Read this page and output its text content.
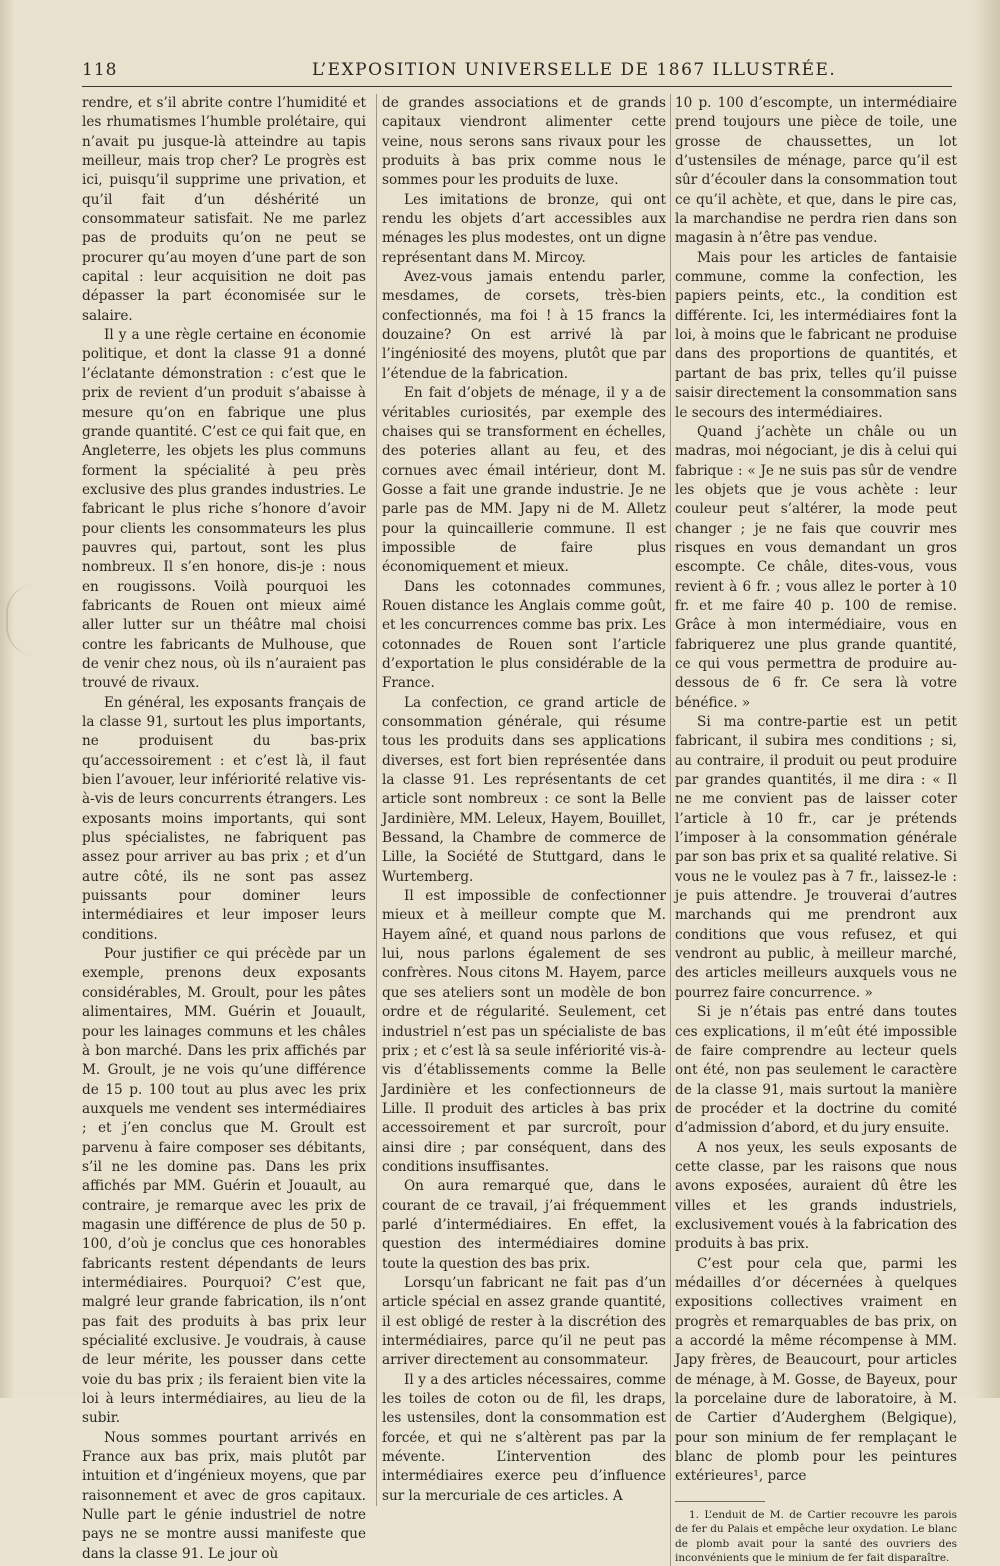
118	L’EXPOSITION UNIVERSELLE DE 1867 ILLUSTRÉE.

rendre, et s’il abrite contre l’humidité et les rhumatismes l’humble prolétaire, qui n’avait pu jusque-là atteindre au tapis meilleur, mais trop cher? Le progrès est ici, puisqu’il supprime une privation, et qu’il fait d’un déshérité un consommateur satisfait. Ne me parlez pas de produits qu’on ne peut se procurer qu’au moyen d’une part de son capital : leur acquisition ne doit pas dépasser la part économisée sur le salaire.

Il y a une règle certaine en économie politique, et dont la classe 91 a donné l’éclatante démonstration : c’est que le prix de revient d’un produit s’abaisse à mesure qu’on en fabrique une plus grande quantité. C’est ce qui fait que, en Angleterre, les objets les plus communs forment la spécialité à peu près exclusive des plus grandes industries. Le fabricant le plus riche s’honore d’avoir pour clients les consommateurs les plus pauvres qui, partout, sont les plus nombreux. Il s’en honore, dis-je : nous en rougissons. Voilà pourquoi les fabricants de Rouen ont mieux aimé aller lutter sur un théâtre mal choisi contre les fabricants de Mulhouse, que de venir chez nous, où ils n’auraient pas trouvé de rivaux.

En général, les exposants français de la classe 91, surtout les plus importants, ne produisent du bas-prix qu’accessoirement : et c’est là, il faut bien l’avouer, leur infériorité relative vis-à-vis de leurs concurrents étrangers. Les exposants moins importants, qui sont plus spécialistes, ne fabriquent pas assez pour arriver au bas prix ; et d’un autre côté, ils ne sont pas assez puissants pour dominer leurs intermédiaires et leur imposer leurs conditions.

Pour justifier ce qui précède par un exemple, prenons deux exposants considérables, M. Groult, pour les pâtes alimentaires, MM. Guérin et Jouault, pour les lainages communs et les châles à bon marché. Dans les prix affichés par M. Groult, je ne vois qu’une différence de 15 p. 100 tout au plus avec les prix auxquels me vendent ses intermédiaires ; et j’en conclus que M. Groult est parvenu à faire composer ses débitants, s’il ne les domine pas. Dans les prix affichés par MM. Guérin et Jouault, au contraire, je remarque avec les prix de magasin une différence de plus de 50 p. 100, d’où je conclus que ces honorables fabricants restent dépendants de leurs intermédiaires. Pourquoi? C’est que, malgré leur grande fabrication, ils n’ont pas fait des produits à bas prix leur spécialité exclusive. Je voudrais, à cause de leur mérite, les pousser dans cette voie du bas prix ; ils feraient bien vite la loi à leurs intermédiaires, au lieu de la subir.

Nous sommes pourtant arrivés en France aux bas prix, mais plutôt par intuition et d’ingénieux moyens, que par raisonnement et avec de gros capitaux. Nulle part le génie industriel de notre pays ne se montre aussi manifeste que dans la classe 91. Le jour où

de grandes associations et de grands capitaux viendront alimenter cette veine, nous serons sans rivaux pour les produits à bas prix comme nous le sommes pour les produits de luxe.

Les imitations de bronze, qui ont rendu les objets d’art accessibles aux ménages les plus modestes, ont un digne représentant dans M. Mircoy.

Avez-vous jamais entendu parler, mesdames, de corsets, très-bien confectionnés, ma foi ! à 15 francs la douzaine? On est arrivé là par l’ingéniosité des moyens, plutôt que par l’étendue de la fabrication.

En fait d’objets de ménage, il y a de véritables curiosités, par exemple des chaises qui se transforment en échelles, des poteries allant au feu, et des cornues avec émail intérieur, dont M. Gosse a fait une grande industrie. Je ne parle pas de MM. Japy ni de M. Alletz pour la quincaillerie commune. Il est impossible de faire plus économiquement et mieux.

Dans les cotonnades communes, Rouen distance les Anglais comme goût, et les concurrences comme bas prix. Les cotonnades de Rouen sont l’article d’exportation le plus considérable de la France.

La confection, ce grand article de consommation générale, qui résume tous les produits dans ses applications diverses, est fort bien représentée dans la classe 91. Les représentants de cet article sont nombreux : ce sont la Belle Jardinière, MM. Leleux, Hayem, Bouillet, Bessand, la Chambre de commerce de Lille, la Société de Stuttgard, dans le Wurtemberg.

Il est impossible de confectionner mieux et à meilleur compte que M. Hayem aîné, et quand nous parlons de lui, nous parlons également de ses confrères. Nous citons M. Hayem, parce que ses ateliers sont un modèle de bon ordre et de régularité. Seulement, cet industriel n’est pas un spécialiste de bas prix ; et c’est là sa seule infériorité vis-à-vis d’établissements comme la Belle Jardinière et les confectionneurs de Lille. Il produit des articles à bas prix accessoirement et par surcroît, pour ainsi dire ; par conséquent, dans des conditions insuffisantes.

On aura remarqué que, dans le courant de ce travail, j’ai fréquemment parlé d’intermédiaires. En effet, la question des intermédiaires domine toute la question des bas prix.

Lorsqu’un fabricant ne fait pas d’un article spécial en assez grande quantité, il est obligé de rester à la discrétion des intermédiaires, parce qu’il ne peut pas arriver directement au consommateur.

Il y a des articles nécessaires, comme les toiles de coton ou de fil, les draps, les ustensiles, dont la consommation est forcée, et qui ne s’altèrent pas par la mévente. L’intervention des intermédiaires exerce peu d’influence sur la mercuriale de ces articles. A

10 p. 100 d’escompte, un intermédiaire prend toujours une pièce de toile, une grosse de chaussettes, un lot d’ustensiles de ménage, parce qu’il est sûr d’écouler dans la consommation tout ce qu’il achète, et que, dans le pire cas, la marchandise ne perdra rien dans son magasin à n’être pas vendue.

Mais pour les articles de fantaisie commune, comme la confection, les papiers peints, etc., la condition est différente. Ici, les intermédiaires font la loi, à moins que le fabricant ne produise dans des proportions de quantités, et partant de bas prix, telles qu’il puisse saisir directement la consommation sans le secours des intermédiaires.

Quand j’achète un châle ou un madras, moi négociant, je dis à celui qui fabrique : « Je ne suis pas sûr de vendre les objets que je vous achète : leur couleur peut s’altérer, la mode peut changer ; je ne fais que couvrir mes risques en vous demandant un gros escompte. Ce châle, dites-vous, vous revient à 6 fr. ; vous allez le porter à 10 fr. et me faire 40 p. 100 de remise. Grâce à mon intermédiaire, vous en fabriquerez une plus grande quantité, ce qui vous permettra de produire au-dessous de 6 fr. Ce sera là votre bénéfice. »

Si ma contre-partie est un petit fabricant, il subira mes conditions ; si, au contraire, il produit ou peut produire par grandes quantités, il me dira : « Il ne me convient pas de laisser coter l’article à 10 fr., car je prétends l’imposer à la consommation générale par son bas prix et sa qualité relative. Si vous ne le voulez pas à 7 fr., laissez-le : je puis attendre. Je trouverai d’autres marchands qui me prendront aux conditions que vous refusez, et qui vendront au public, à meilleur marché, des articles meilleurs auxquels vous ne pourrez faire concurrence. »

Si je n’étais pas entré dans toutes ces explications, il m’eût été impossible de faire comprendre au lecteur quels ont été, non pas seulement le caractère de la classe 91, mais surtout la manière de procéder et la doctrine du comité d’admission d’abord, et du jury ensuite.

A nos yeux, les seuls exposants de cette classe, par les raisons que nous avons exposées, auraient dû être les villes et les grands industriels, exclusivement voués à la fabrication des produits à bas prix.

C’est pour cela que, parmi les médailles d’or décernées à quelques expositions collectives vraiment en progrès et remarquables de bas prix, on a accordé la même récompense à MM. Japy frères, de Beaucourt, pour articles de ménage, à M. Gosse, de Bayeux, pour la porcelaine dure de laboratoire, à M. de Cartier d’Auderghem (Belgique), pour son minium de fer remplaçant le blanc de plomb pour les peintures extérieures¹, parce

1. L’enduit de M. de Cartier recouvre les parois de fer du Palais et empêche leur oxydation. Le blanc de plomb avait pour la santé des ouvriers des inconvénients que le minium de fer fait disparaître.
